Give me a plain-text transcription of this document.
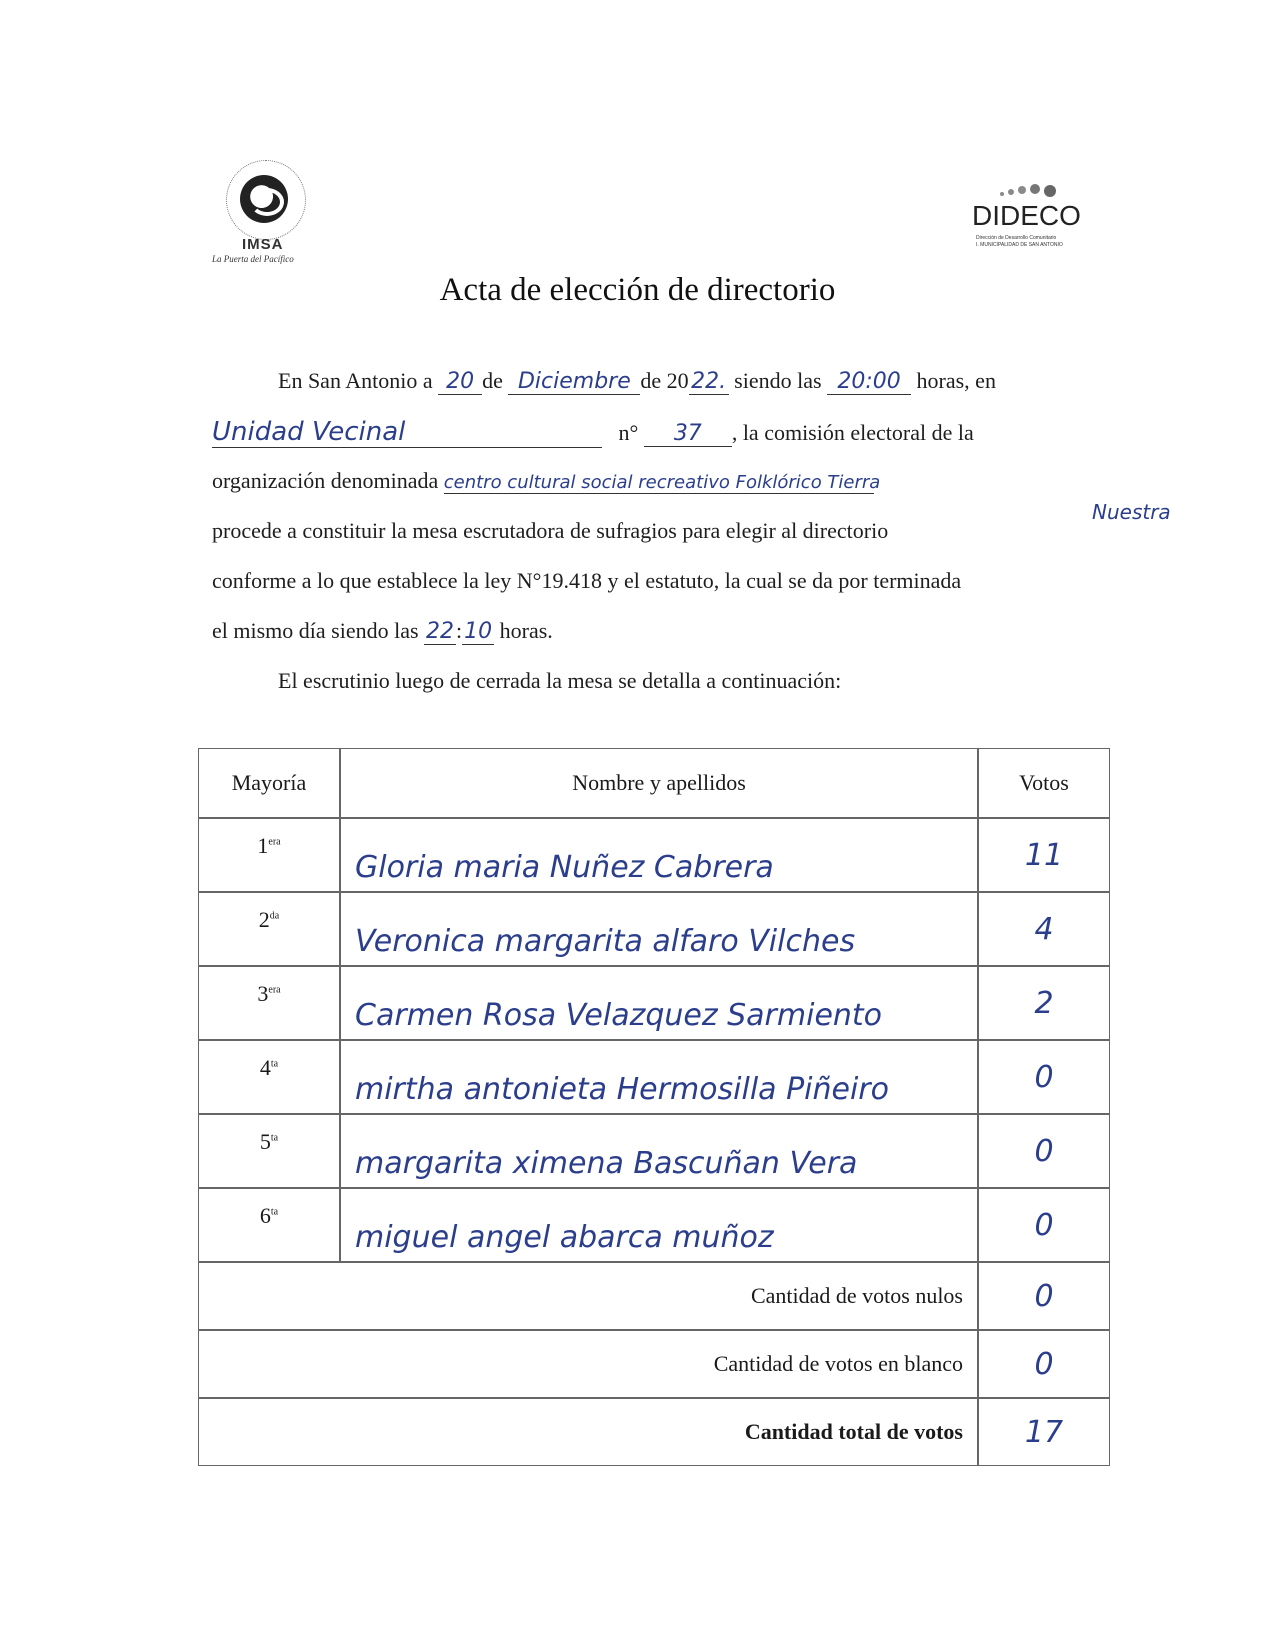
IMSA
La Puerta del Pacífico
DIDECO
Dirección de Desarrollo Comunitario
I. MUNICIPALIDAD DE SAN ANTONIO
Acta de elección de directorio
En San Antonio a 20 de Diciembre de 20 22. siendo las 20:00 horas, en
Unidad Vecinal	n° 37 , la comisión electoral de la
organización denominada centro cultural social recreativo Folklórico Tierra
Nuestra
procede a constituir la mesa escrutadora de sufragios para elegir al directorio
conforme a lo que establece la ley N°19.418 y el estatuto, la cual se da por terminada
el mismo día siendo las 22:10 horas.
El escrutinio luego de cerrada la mesa se detalla a continuación:
Mayoría	Nombre y apellidos	Votos
$1^{era}$	Gloria maria Nuñez Cabrera	11
$2^{da}$	Veronica margarita alfaro Vilches	4
$3^{era}$	Carmen Rosa Velazquez Sarmiento	2
$4^{ta}$	mirtha antonieta Hermosilla Piñeiro	0
$5^{ta}$	margarita ximena Bascuñan Vera	0
$6^{ta}$	miguel angel abarca muñoz	0
Cantidad de votos nulos		0
Cantidad de votos en blanco		0
Cantidad total de votos		17
